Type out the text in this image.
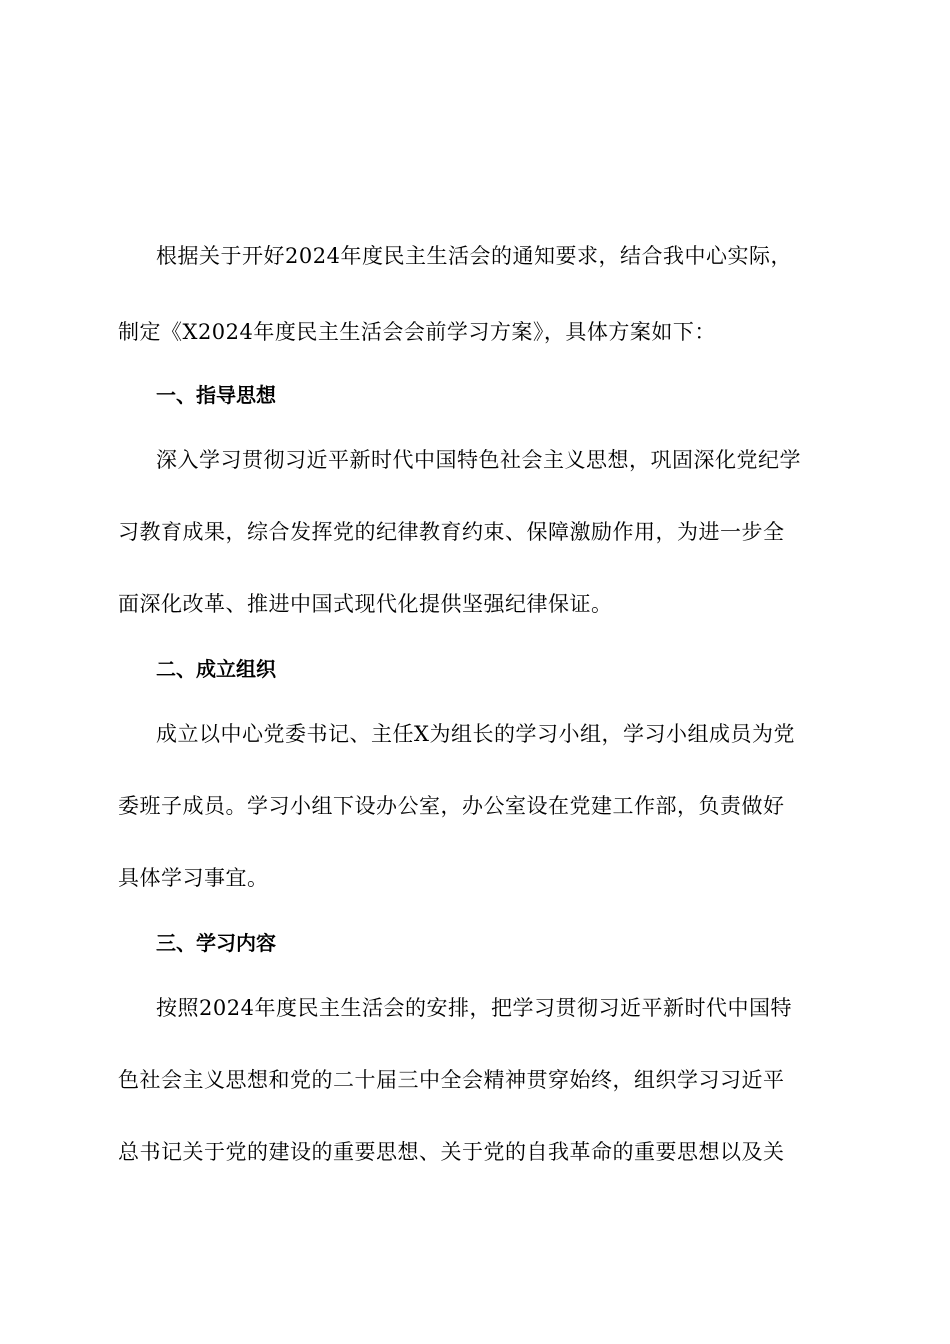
根据关于开好2024年度民主生活会的通知要求，结合我中心实际，
制定《X2024年度民主生活会会前学习方案》，具体方案如下：
一、指导思想
深入学习贯彻习近平新时代中国特色社会主义思想，巩固深化党纪学
习教育成果，综合发挥党的纪律教育约束、保障激励作用，为进一步全
面深化改革、推进中国式现代化提供坚强纪律保证。
二、成立组织
成立以中心党委书记、主任X为组长的学习小组，学习小组成员为党
委班子成员。学习小组下设办公室，办公室设在党建工作部，负责做好
具体学习事宜。
三、学习内容
按照2024年度民主生活会的安排，把学习贯彻习近平新时代中国特
色社会主义思想和党的二十届三中全会精神贯穿始终，组织学习习近平
总书记关于党的建设的重要思想、关于党的自我革命的重要思想以及关
